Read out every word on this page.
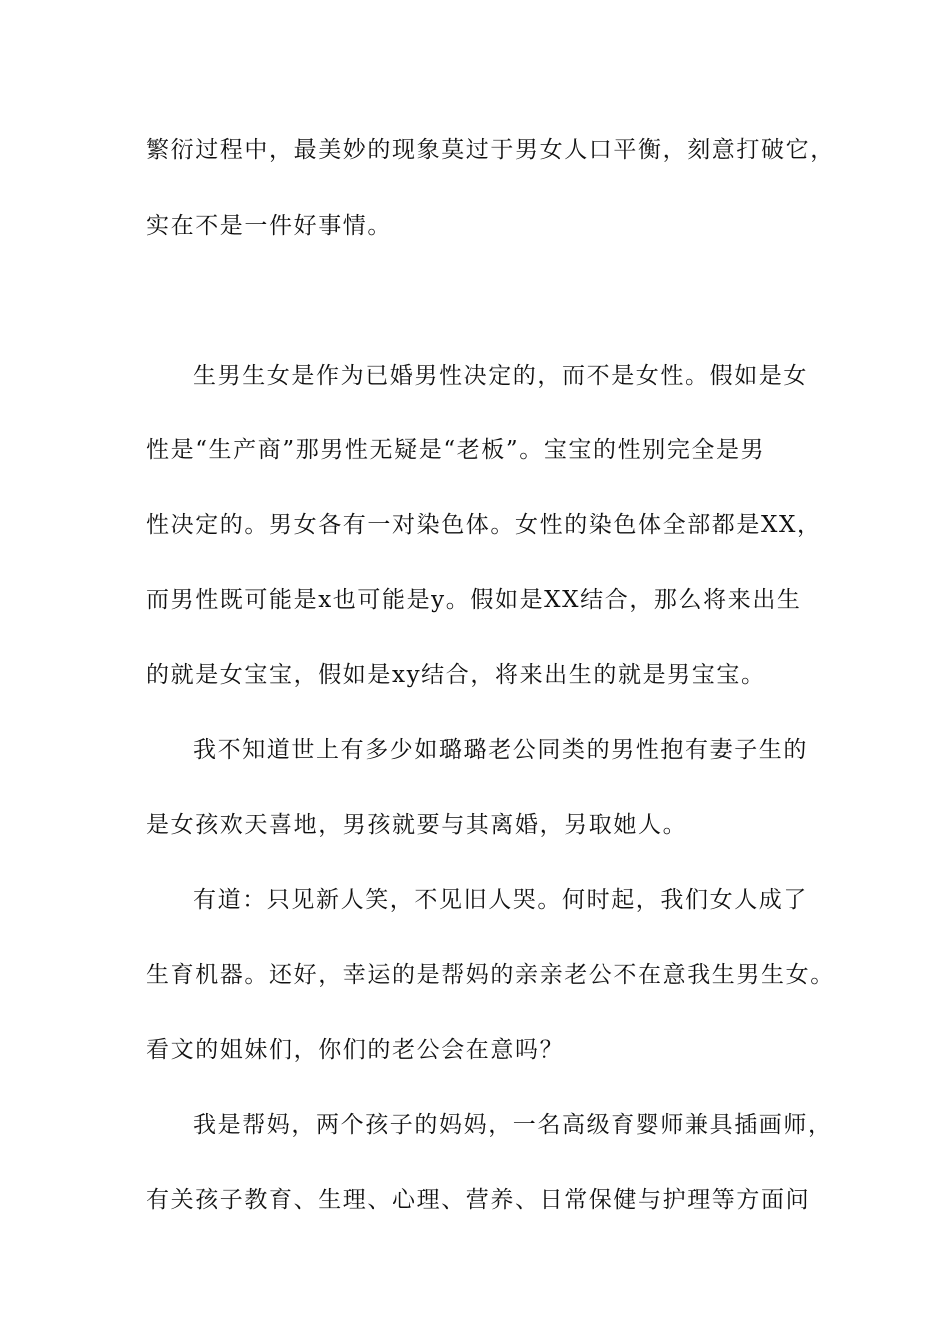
繁衍过程中，最美妙的现象莫过于男女人口平衡，刻意打破它，
实在不是一件好事情。
生男生女是作为已婚男性决定的，而不是女性。假如是女
性是“生产商”那男性无疑是“老板”。宝宝的性别完全是男
性决定的。男女各有一对染色体。女性的染色体全部都是XX，
而男性既可能是x也可能是y。假如是XX结合，那么将来出生
的就是女宝宝，假如是xy结合，将来出生的就是男宝宝。
我不知道世上有多少如璐璐老公同类的男性抱有妻子生的
是女孩欢天喜地，男孩就要与其离婚，另取她人。
有道：只见新人笑，不见旧人哭。何时起，我们女人成了
生育机器。还好，幸运的是帮妈的亲亲老公不在意我生男生女。
看文的姐妹们，你们的老公会在意吗？
我是帮妈，两个孩子的妈妈，一名高级育婴师兼具插画师，
有关孩子教育、生理、心理、营养、日常保健与护理等方面问
